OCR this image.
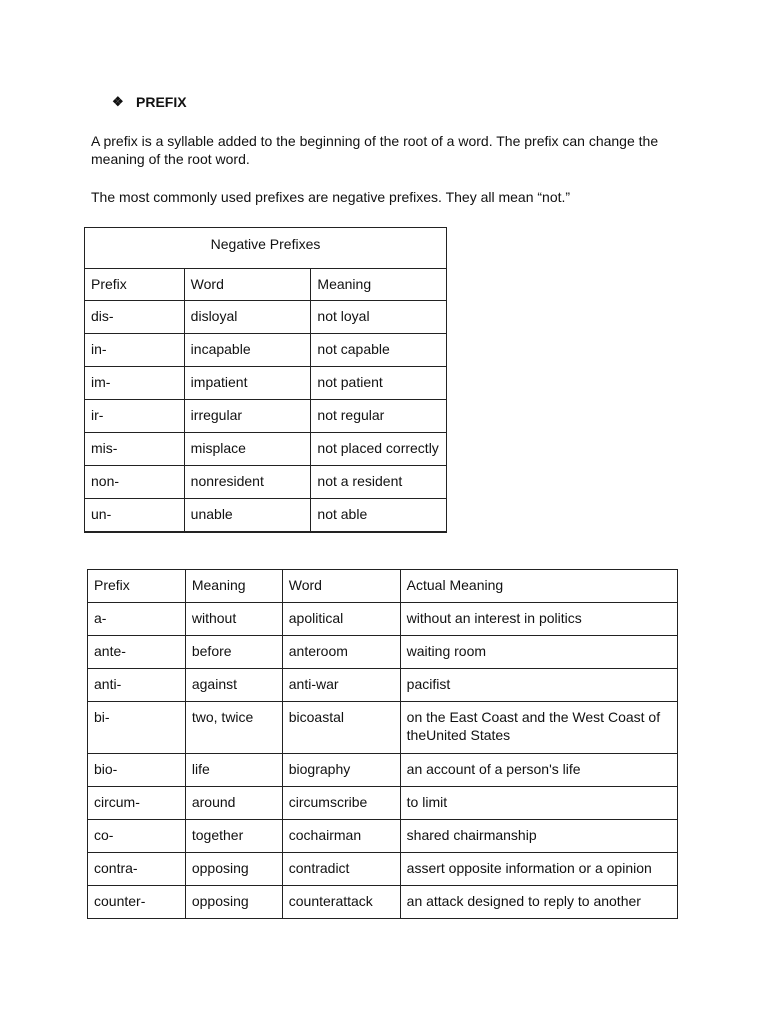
❖ PREFIX

A prefix is a syllable added to the beginning of the root of a word. The prefix can change the meaning of the root word.

The most commonly used prefixes are negative prefixes. They all mean “not.”

Negative Prefixes		
Prefix	Word	Meaning
dis-	disloyal	not loyal
in-	incapable	not capable
im-	impatient	not patient
ir-	irregular	not regular
mis-	misplace	not placed correctly
non-	nonresident	not a resident
un-	unable	not able
Prefix	Meaning	Word	Actual Meaning
a-	without	apolitical	without an interest in politics
ante-	before	anteroom	waiting room
anti-	against	anti-war	pacifist
bi-	two, twice	bicoastal	on the East Coast and the West Coast of theUnited States
bio-	life	biography	an account of a person's life
circum-	around	circumscribe	to limit
co-	together	cochairman	shared chairmanship
contra-	opposing	contradict	assert opposite information or a opinion
counter-	opposing	counterattack	an attack designed to reply to another
